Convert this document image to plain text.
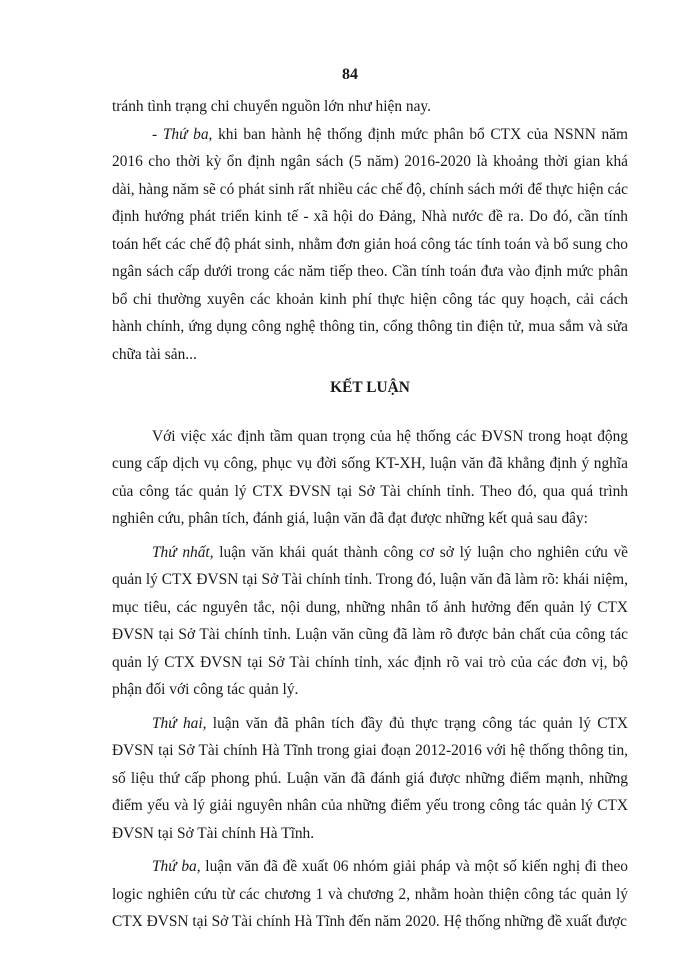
84

tránh tình trạng chi chuyển nguồn lớn như hiện nay.

- Thứ ba, khi ban hành hệ thống định mức phân bổ CTX của NSNN năm 2016 cho thời kỳ ổn định ngân sách (5 năm) 2016-2020 là khoảng thời gian khá dài, hàng năm sẽ có phát sinh rất nhiều các chế độ, chính sách mới để thực hiện các định hướng phát triển kinh tế - xã hội do Đảng, Nhà nước đề ra. Do đó, cần tính toán hết các chế độ phát sinh, nhằm đơn giản hoá công tác tính toán và bổ sung cho ngân sách cấp dưới trong các năm tiếp theo. Cần tính toán đưa vào định mức phân bổ chi thường xuyên các khoản kinh phí thực hiện công tác quy hoạch, cải cách hành chính, ứng dụng công nghệ thông tin, cổng thông tin điện tử, mua sắm và sửa chữa tài sản...

KẾT LUẬN

Với việc xác định tầm quan trọng của hệ thống các ĐVSN trong hoạt động cung cấp dịch vụ công, phục vụ đời sống KT-XH, luận văn đã khẳng định ý nghĩa của công tác quản lý CTX ĐVSN tại Sở Tài chính tỉnh. Theo đó, qua quá trình nghiên cứu, phân tích, đánh giá, luận văn đã đạt được những kết quả sau đây:

Thứ nhất, luận văn khái quát thành công cơ sở lý luận cho nghiên cứu về quản lý CTX ĐVSN tại Sở Tài chính tỉnh. Trong đó, luận văn đã làm rõ: khái niệm, mục tiêu, các nguyên tắc, nội dung, những nhân tố ảnh hưởng đến quản lý CTX ĐVSN tại Sở Tài chính tỉnh. Luận văn cũng đã làm rõ được bản chất của công tác quản lý CTX ĐVSN tại Sở Tài chính tỉnh, xác định rõ vai trò của các đơn vị, bộ phận đối với công tác quản lý.

Thứ hai, luận văn đã phân tích đầy đủ thực trạng công tác quản lý CTX ĐVSN tại Sở Tài chính Hà Tĩnh trong giai đoạn 2012-2016 với hệ thống thông tin, số liệu thứ cấp phong phú. Luận văn đã đánh giá được những điểm mạnh, những điểm yếu và lý giải nguyên nhân của những điểm yếu trong công tác quản lý CTX ĐVSN tại Sở Tài chính Hà Tĩnh.

Thứ ba, luận văn đã đề xuất 06 nhóm giải pháp và một số kiến nghị đi theo logic nghiên cứu từ các chương 1 và chương 2, nhằm hoàn thiện công tác quản lý CTX ĐVSN tại Sở Tài chính Hà Tĩnh đến năm 2020. Hệ thống những đề xuất được
